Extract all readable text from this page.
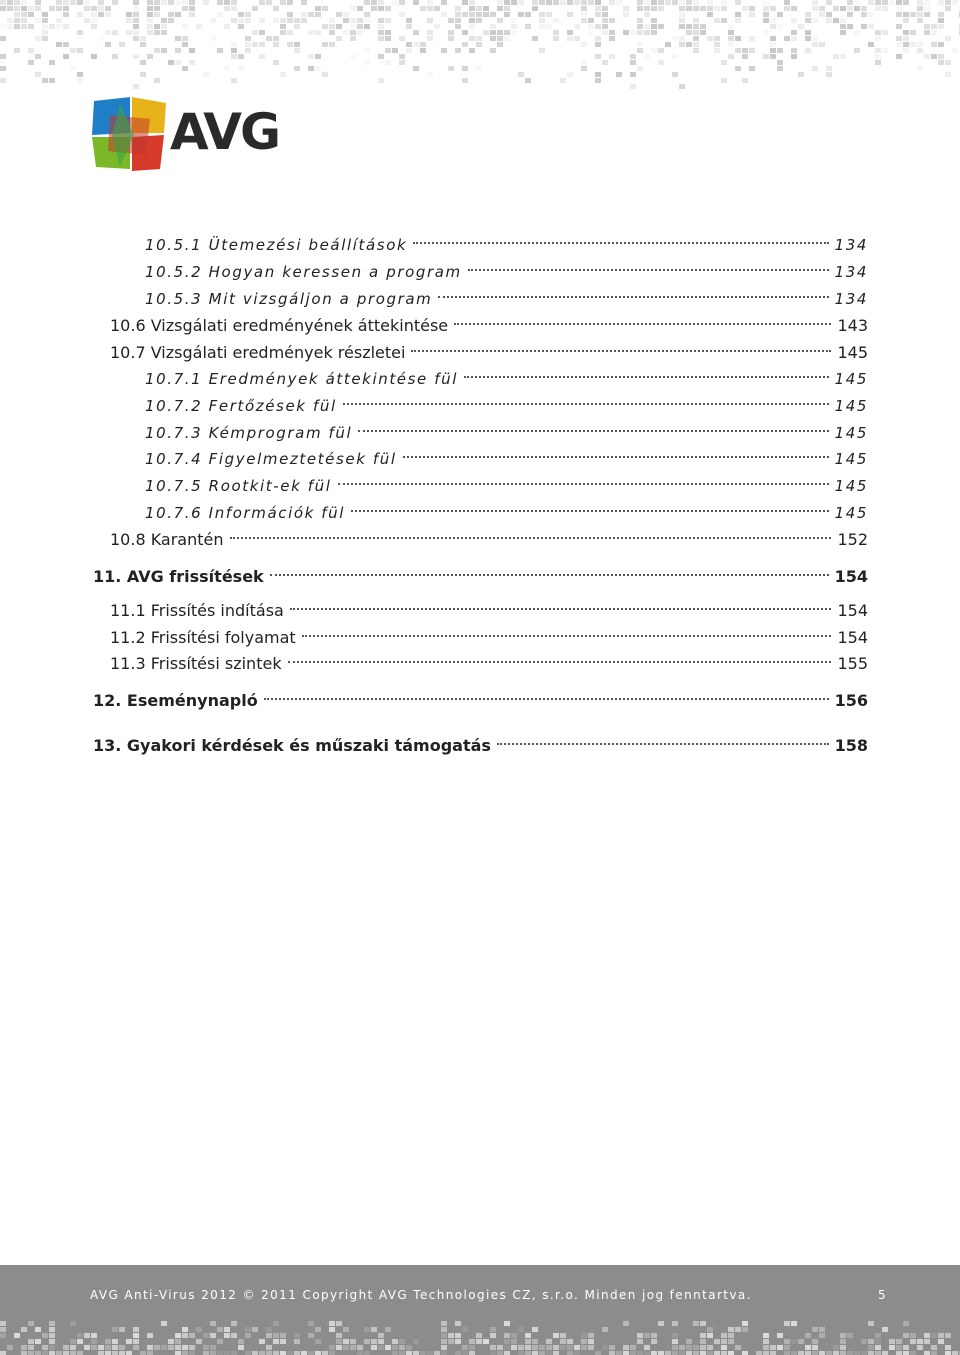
AVG
10.5.1 Ütemezési beállítások	134
10.5.2 Hogyan keressen a program	134
10.5.3 Mit vizsgáljon a program	134
10.6 Vizsgálati eredményének áttekintése	143
10.7 Vizsgálati eredmények részletei	145
10.7.1 Eredmények áttekintése fül	145
10.7.2 Fertőzések fül	145
10.7.3 Kémprogram fül	145
10.7.4 Figyelmeztetések fül	145
10.7.5 Rootkit-ek fül	145
10.7.6 Információk fül	145
10.8 Karantén	152
11. AVG frissítések	154
11.1 Frissítés indítása	154
11.2 Frissítési folyamat	154
11.3 Frissítési szintek	155
12. Eseménynapló	156
13. Gyakori kérdések és műszaki támogatás	158
AVG Anti-Virus 2012 © 2011 Copyright AVG Technologies CZ, s.r.o. Minden jog fenntartva.	5
